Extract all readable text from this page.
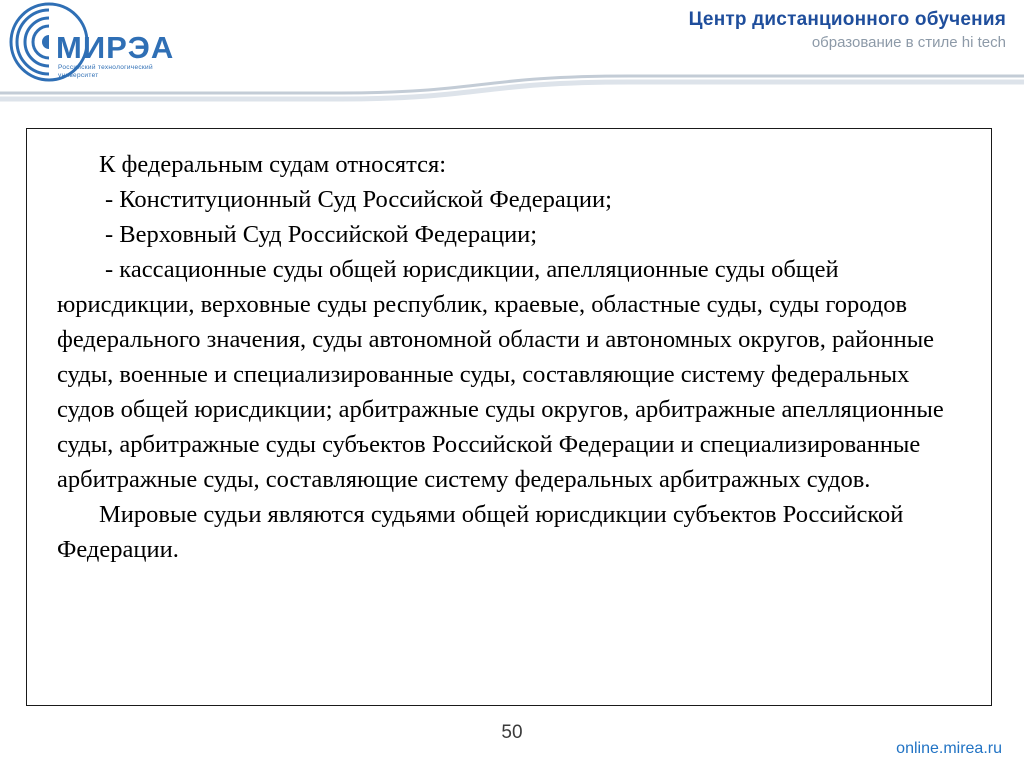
МИРЭА
Российский технологический университет
Центр дистанционного обучения
образование в стиле hi tech

К федеральным судам относятся:

- Конституционный Суд Российской Федерации;

- Верховный Суд Российской Федерации;

- кассационные суды общей юрисдикции, апелляционные суды общей юрисдикции, верховные суды республик, краевые, областные суды, суды городов федерального значения, суды автономной области и автономных округов, районные суды, военные и специализированные суды, составляющие систему федеральных судов общей юрисдикции; арбитражные суды округов, арбитражные апелляционные суды, арбитражные суды субъектов Российской Федерации и специализированные арбитражные суды, составляющие систему федеральных арбитражных судов.

Мировые судьи являются судьями общей юрисдикции субъектов Российской Федерации.

50
online.mirea.ru
